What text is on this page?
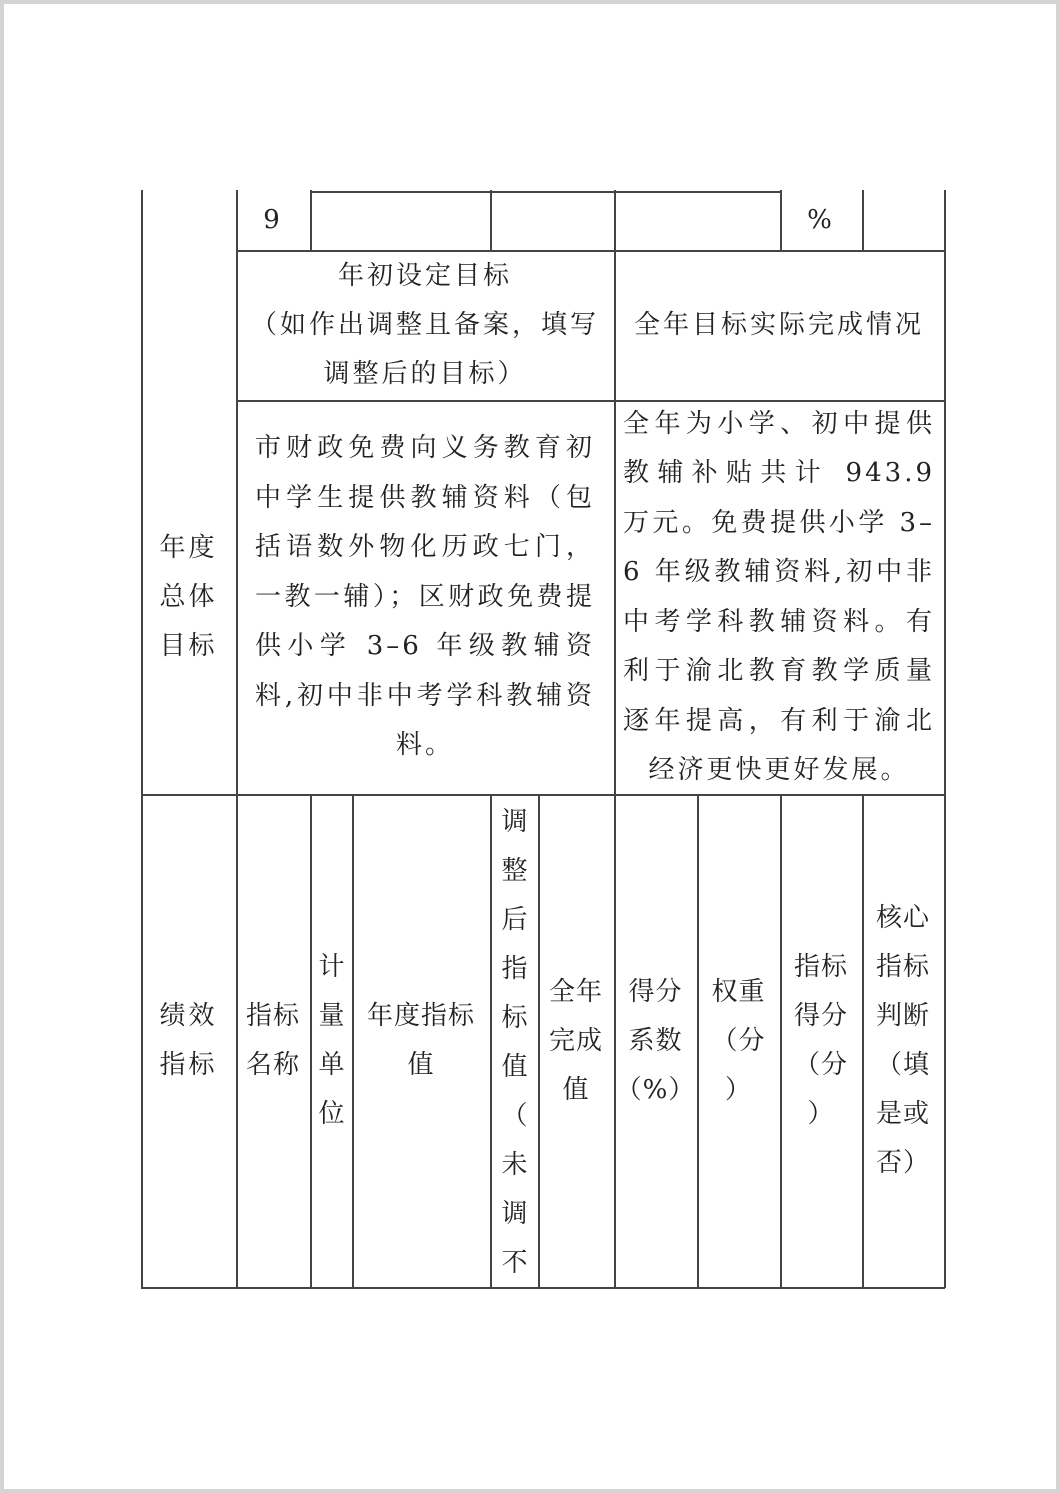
9	%
年度
总体
目标
年初设定目标
（如作出调整且备案，填写
调整后的目标）
全年目标实际完成情况
市财政免费向义务教育初中学生提供教辅资料（包括语数外物化历政七门，一教一辅）；区财政免费提供小学 3–6 年级教辅资料,初中非中考学科教辅资料。
全年为小学、初中提供教辅补贴共计 943.9 万元。免费提供小学 3–6 年级教辅资料,初中非中考学科教辅资料。有利于渝北教育教学质量逐年提高，有利于渝北经济更快更好发展。
绩效
指标
指标
名称
计
量
单
位
年度指标
值
调
整
后
指
标
值
（
未
调
不
全年
完成
值
得分
系数
（%）
权重
（分
）
指标
得分
（分
）
核心
指标
判断
（填
是或
否）
